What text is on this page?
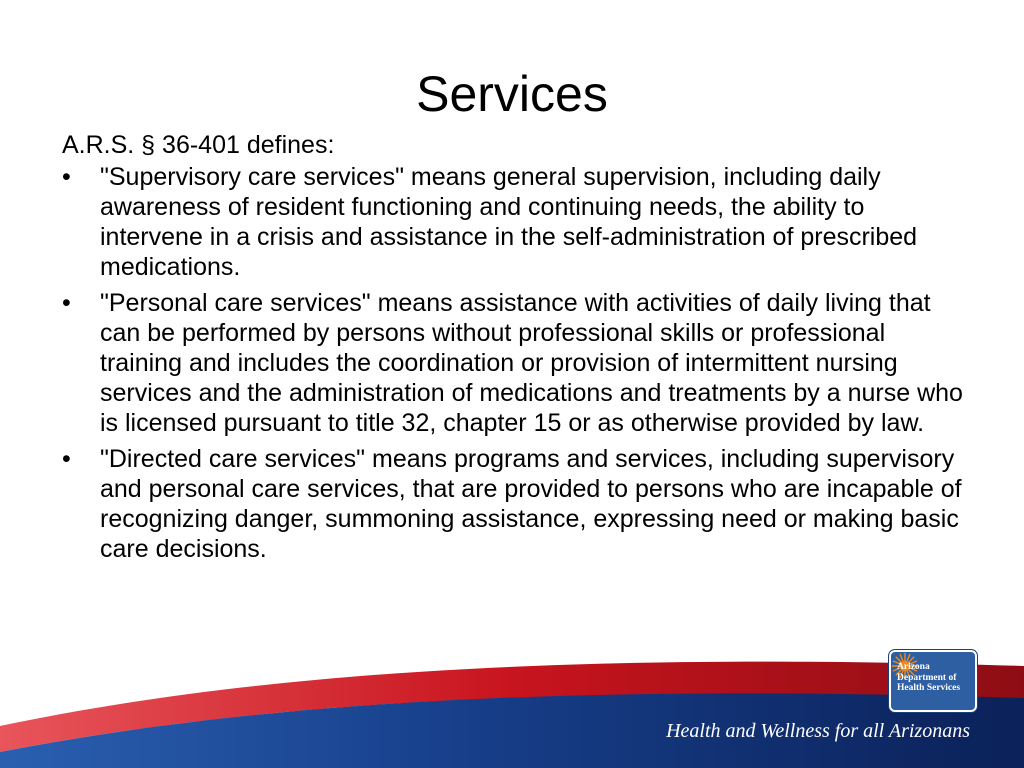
Services
A.R.S. § 36-401 defines:
•	"Supervisory care services" means general supervision, including daily awareness of resident functioning and continuing needs, the ability to intervene in a crisis and assistance in the self-administration of prescribed medications.
•	"Personal care services" means assistance with activities of daily living that can be performed by persons without professional skills or professional training and includes the coordination or provision of intermittent nursing services and the administration of medications and treatments by a nurse who is licensed pursuant to title 32, chapter 15 or as otherwise provided by law.
•	"Directed care services" means programs and services, including supervisory and personal care services, that are provided to persons who are incapable of recognizing danger, summoning assistance, expressing need or making basic care decisions.
Arizona
Department of
Health Services
Health and Wellness for all Arizonans
